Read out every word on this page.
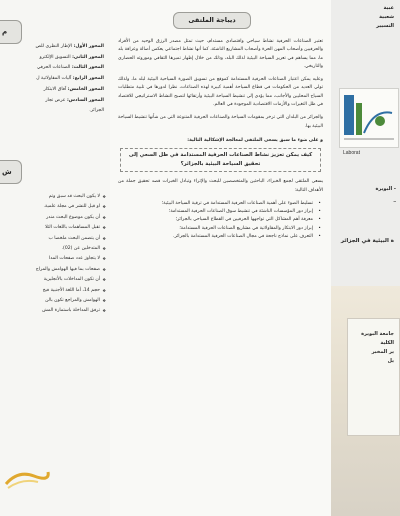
م
المحور الأول: الإطار النظري للص
المحور الثاني: التسويق الإلكترو
المحور الثالث: الصناعات الحرفي
المحور الرابع: آليات المقاولاتية ل
المحور الخامس: آفاق الابتكار
المحور السادس: عرض تجار
الجزائر.
ش
❖ لا يكون البحث قد سبق وتم
❖ او قبل للنشر في مجلة علمية.
❖ أن يكون موضوع البحث مندر
❖ تقبل المساهمات باللغات الثلا
❖ أن يتضمن البحث ملخصا ب
❖ المتدخلين عن (02).
❖ لا يتجاوز عدد صفحات المدا
❖ صفحات بما فيها الهوامش والمراج
❖ أن تكون المداخلات بالأنجليزية
❖ حجم 14، أما اللغة الأجنبية فبخ
❖ الهوامش والمراجع تكون بالن
❖ ترفق المداخلة باستمارة المش
ديباجة الملتقى

تعتبر الصناعات الحرفية نشاط سياحي واقتصادي مستدام، حيث تمثل مصدر الرزق الوحيد من الأفراد والحرفيين وأصحاب المهن الحرة وأصحاب المشاريع الناشئة، كما أنها نشاط اجتماعي يعكس أصالة وعراقة بلد ما، مما يساهم في تعزيز السياحة البيئية لذلك البلد، وذلك من خلال إظهار تميزها الثقافي وموروثه الحضاري والتاريخي.

وعليه يمكن اعتبار الصناعات الحرفية المستدامة كموقع من تسويق الصورة السياحية البيئية لبلد ما، ولذلك تولي العديد من الحكومات في قطاع السياحة أهمية كبيرة لهذه الصناعات، نظرا لدورها في تلبية متطلبات السياح المحليين والأجانب، مما يؤدي إلى تنشيط السياحة البيئية وأرتقائها لتصبح النشاط الاستراتيجي للاقتصاد في ظل التغيرات والأزمات الاقتصادية الموجودة في العالم.

والجزائر من البلدان التي تزخر بمقومات السياحة والصناعات الحرفية المتنوعة التي من شأنها تنشيط السياحة البيئية بها.

و على ضوء ما سبق يسعى الملتقى لمعالجة الإشكالية التالية:

كيف يمكن تعزيز نشاط الصناعات الحرفية المستدامة في ظل السعي إلى تحقيق السياحة البيئية بالجزائر؟

يسعى الملتقى لجمع الخبراء، الباحثين والمتخصصين للبحث والإثراء وتبادل الخبرات قصد تحقيق جملة من الأهداف التالية:

• تسليط الضوء على أهمية الصناعات الحرفية المستدامة في ترقية السياحة البيئية؛
• إبراز دور المؤسسات الناشئة في تنشيط سوق الصناعات الحرفية المستدامة؛
• معرفة أهم المشاكل التي تواجهها الحرفيين في القطاع السياحي بالجزائر؛
• إبراز دور الابتكار والمقاولاتية في مشاريع الصناعات الحرفية المستدامة؛
• التعرف على نماذج ناجحة في مجال الصناعات الحرفية المستدامة بالجزائر.
عبية
شعبية
التسيير
Laborat
- البويرة
_
ة البيئية في الجزائر
جامعة البويرة
الكلية
ير المخبر
يل
